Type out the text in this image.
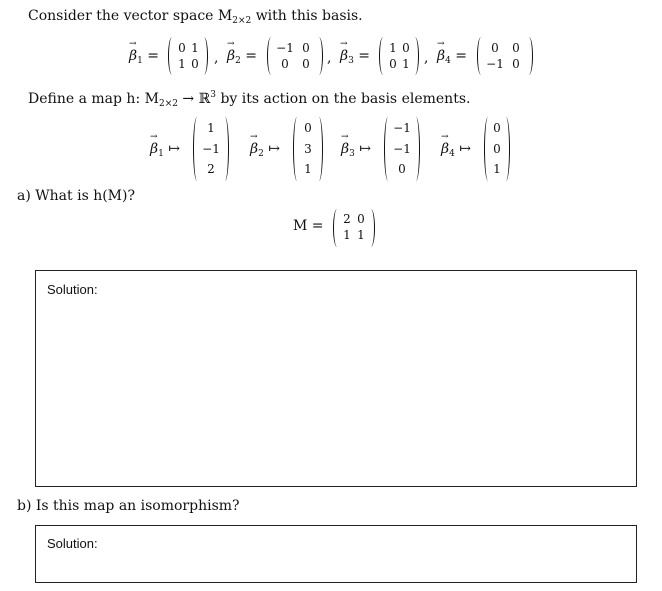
Consider the vector space $M_{2\times 2}$ with this basis.
→ $\beta_1 = 0$ 1
1 0 , → $\beta_2 = -1$ 0
0	0 , → $\beta_3 = 1$ 0
0 1 , → $\beta_4$ =	0	0
−1 0
Define a map h: $M_{2\times 2}$ → ℝ$^3$ by its action on the basis elements.
→ $\beta_1$ ↦
1
−1
2
→ $\beta_2$ ↦
0
3
1
→ $\beta_3$ ↦
−1
−1
0
→ $\beta_4$ ↦
0
0
1
a) What is h(M)?
M = 2 0
1 1
Solution:
b) Is this map an isomorphism?
Solution:
